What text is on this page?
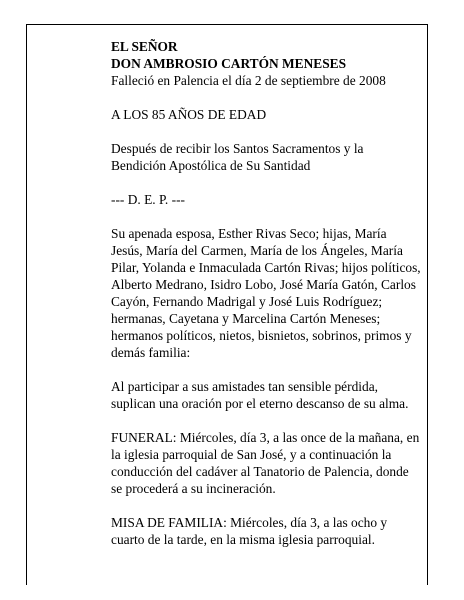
EL SEÑOR

DON AMBROSIO CARTÓN MENESES

Falleció en Palencia el día 2 de septiembre de 2008

A LOS 85 AÑOS DE EDAD

Después de recibir los Santos Sacramentos y la Bendición Apostólica de Su Santidad

--- D. E. P. ---

Su apenada esposa, Esther Rivas Seco; hijas, María Jesús, María del Carmen, María de los Ángeles, María Pilar, Yolanda e Inmaculada Cartón Rivas; hijos políticos, Alberto Medrano, Isidro Lobo, José María Gatón, Carlos Cayón, Fernando Madrigal y José Luis Rodríguez; hermanas, Cayetana y Marcelina Cartón Meneses; hermanos políticos, nietos, bisnietos, sobrinos, primos y demás familia:

Al participar a sus amistades tan sensible pérdida, suplican una oración por el eterno descanso de su alma.

FUNERAL: Miércoles, día 3, a las once de la mañana, en la iglesia parroquial de San José, y a continuación la conducción del cadáver al Tanatorio de Palencia, donde se procederá a su incineración.

MISA DE FAMILIA: Miércoles, día 3, a las ocho y cuarto de la tarde, en la misma iglesia parroquial.
